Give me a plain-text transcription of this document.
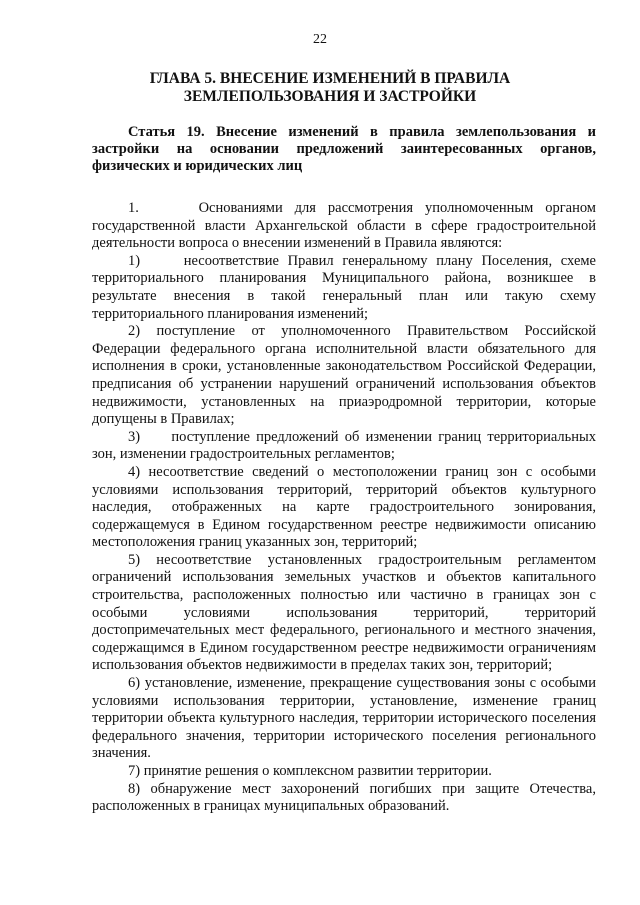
22
ГЛАВА 5. ВНЕСЕНИЕ ИЗМЕНЕНИЙ В ПРАВИЛА
ЗЕМЛЕПОЛЬЗОВАНИЯ И ЗАСТРОЙКИ
Статья 19. Внесение изменений в правила землепользования и застройки на основании предложений заинтересованных органов, физических и юридических лиц

1.     Основаниями для рассмотрения уполномоченным органом государственной власти Архангельской области в сфере градостроительной деятельности вопроса о внесении изменений в Правила являются:

1)     несоответствие Правил генеральному плану Поселения, схеме территориального планирования Муниципального района, возникшее в результате внесения в такой генеральный план или такую схему территориального планирования изменений;

2) поступление от уполномоченного Правительством Российской Федерации федерального органа исполнительной власти обязательного для исполнения в сроки, установленные законодательством Российской Федерации, предписания об устранении нарушений ограничений использования объектов недвижимости, установленных на приаэродромной территории, которые допущены в Правилах;

3)     поступление предложений об изменении границ территориальных зон, изменении градостроительных регламентов;

4) несоответствие сведений о местоположении границ зон с особыми условиями использования территорий, территорий объектов культурного наследия, отображенных на карте градостроительного зонирования, содержащемуся в Едином государственном реестре недвижимости описанию местоположения границ указанных зон, территорий;

5) несоответствие установленных градостроительным регламентом ограничений использования земельных участков и объектов капитального строительства, расположенных полностью или частично в границах зон с особыми условиями использования территорий, территорий достопримечательных мест федерального, регионального и местного значения, содержащимся в Едином государственном реестре недвижимости ограничениям использования объектов недвижимости в пределах таких зон, территорий;

6) установление, изменение, прекращение существования зоны с особыми условиями использования территории, установление, изменение границ территории объекта культурного наследия, территории исторического поселения федерального значения, территории исторического поселения регионального значения.

7) принятие решения о комплексном развитии территории.

8) обнаружение мест захоронений погибших при защите Отечества, расположенных в границах муниципальных образований.
